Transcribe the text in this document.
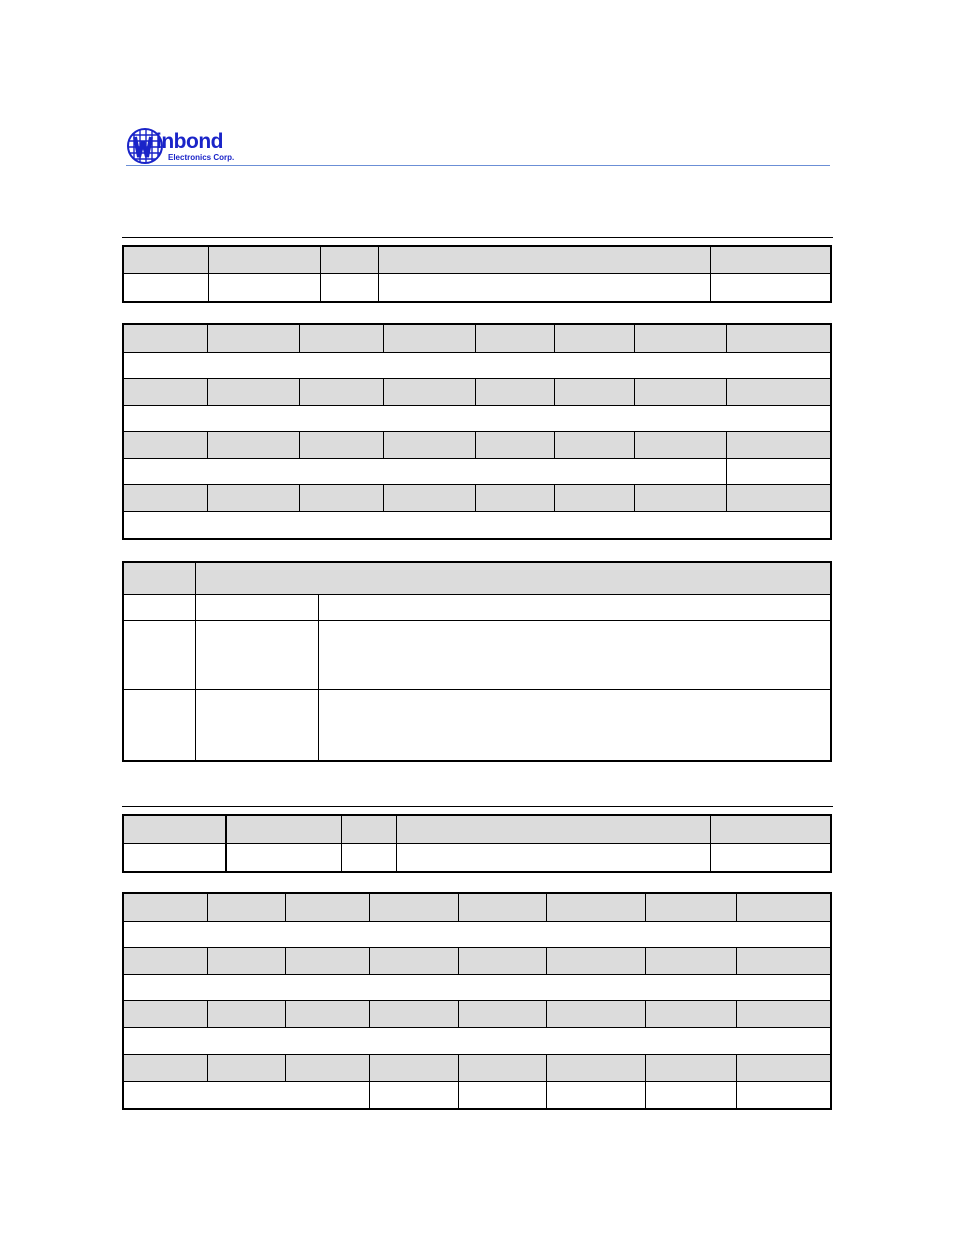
inbond
Electronics Corp.
